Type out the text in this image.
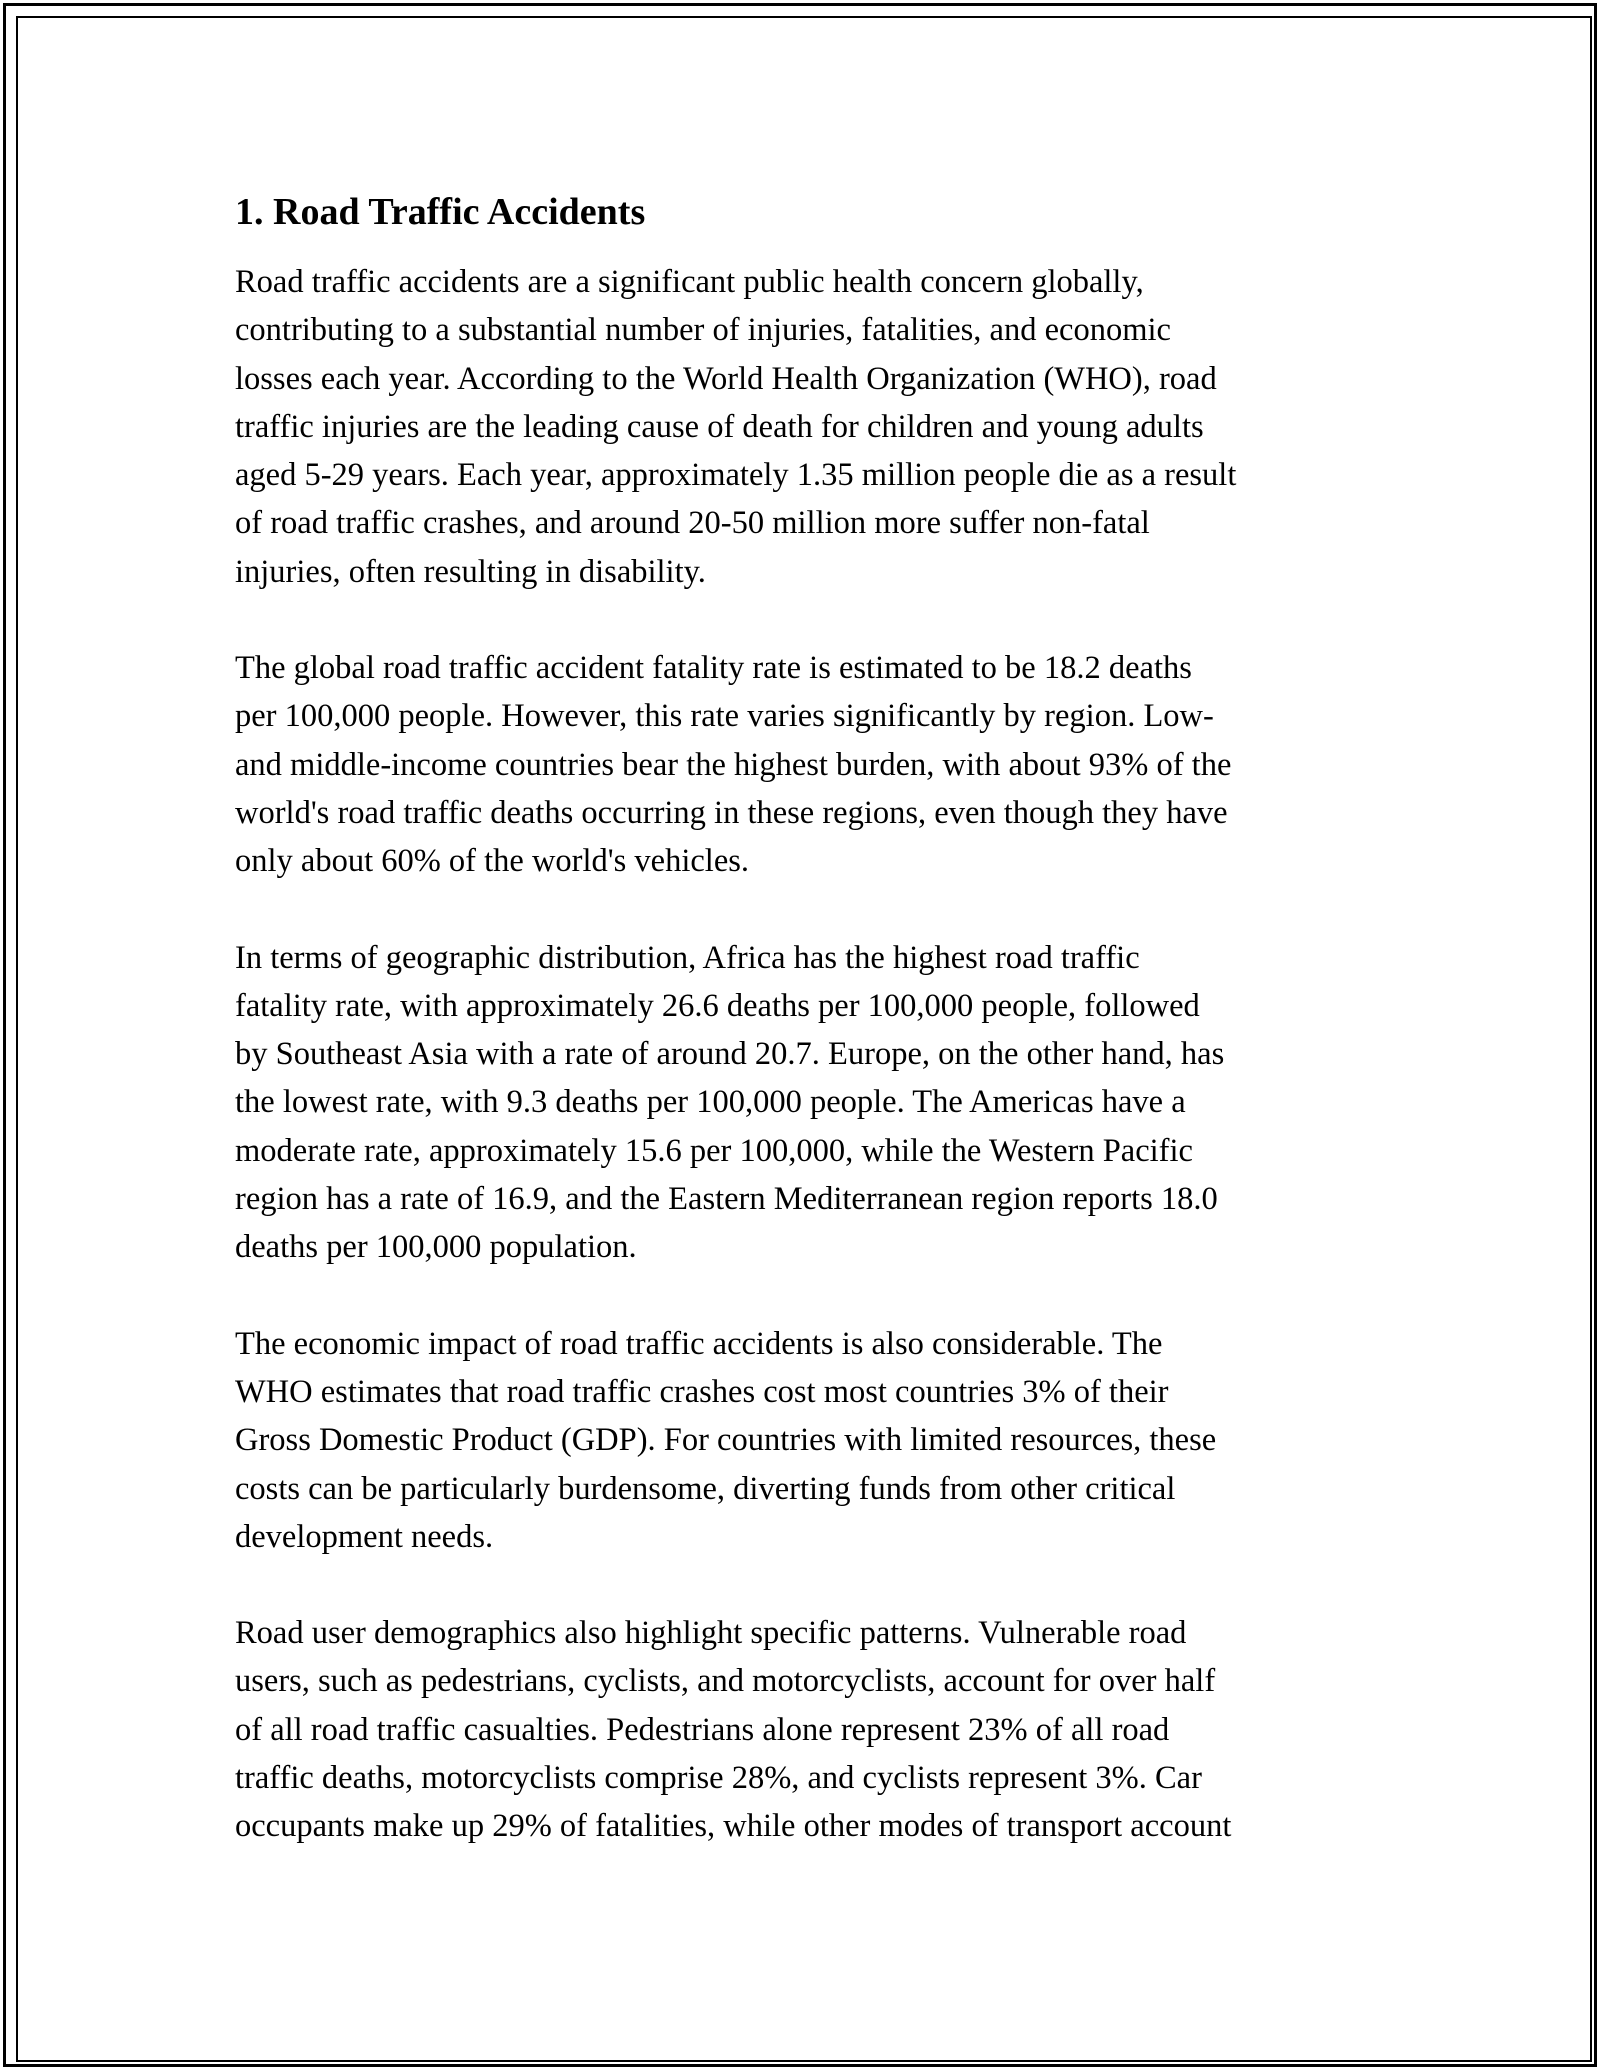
1. Road Traffic Accidents

Road traffic accidents are a significant public health concern globally,
contributing to a substantial number of injuries, fatalities, and economic
losses each year. According to the World Health Organization (WHO), road
traffic injuries are the leading cause of death for children and young adults
aged 5-29 years. Each year, approximately 1.35 million people die as a result
of road traffic crashes, and around 20-50 million more suffer non-fatal
injuries, often resulting in disability.

The global road traffic accident fatality rate is estimated to be 18.2 deaths
per 100,000 people. However, this rate varies significantly by region. Low-
and middle-income countries bear the highest burden, with about 93% of the
world's road traffic deaths occurring in these regions, even though they have
only about 60% of the world's vehicles.

In terms of geographic distribution, Africa has the highest road traffic
fatality rate, with approximately 26.6 deaths per 100,000 people, followed
by Southeast Asia with a rate of around 20.7. Europe, on the other hand, has
the lowest rate, with 9.3 deaths per 100,000 people. The Americas have a
moderate rate, approximately 15.6 per 100,000, while the Western Pacific
region has a rate of 16.9, and the Eastern Mediterranean region reports 18.0
deaths per 100,000 population.

The economic impact of road traffic accidents is also considerable. The
WHO estimates that road traffic crashes cost most countries 3% of their
Gross Domestic Product (GDP). For countries with limited resources, these
costs can be particularly burdensome, diverting funds from other critical
development needs.

Road user demographics also highlight specific patterns. Vulnerable road
users, such as pedestrians, cyclists, and motorcyclists, account for over half
of all road traffic casualties. Pedestrians alone represent 23% of all road
traffic deaths, motorcyclists comprise 28%, and cyclists represent 3%. Car
occupants make up 29% of fatalities, while other modes of transport account
